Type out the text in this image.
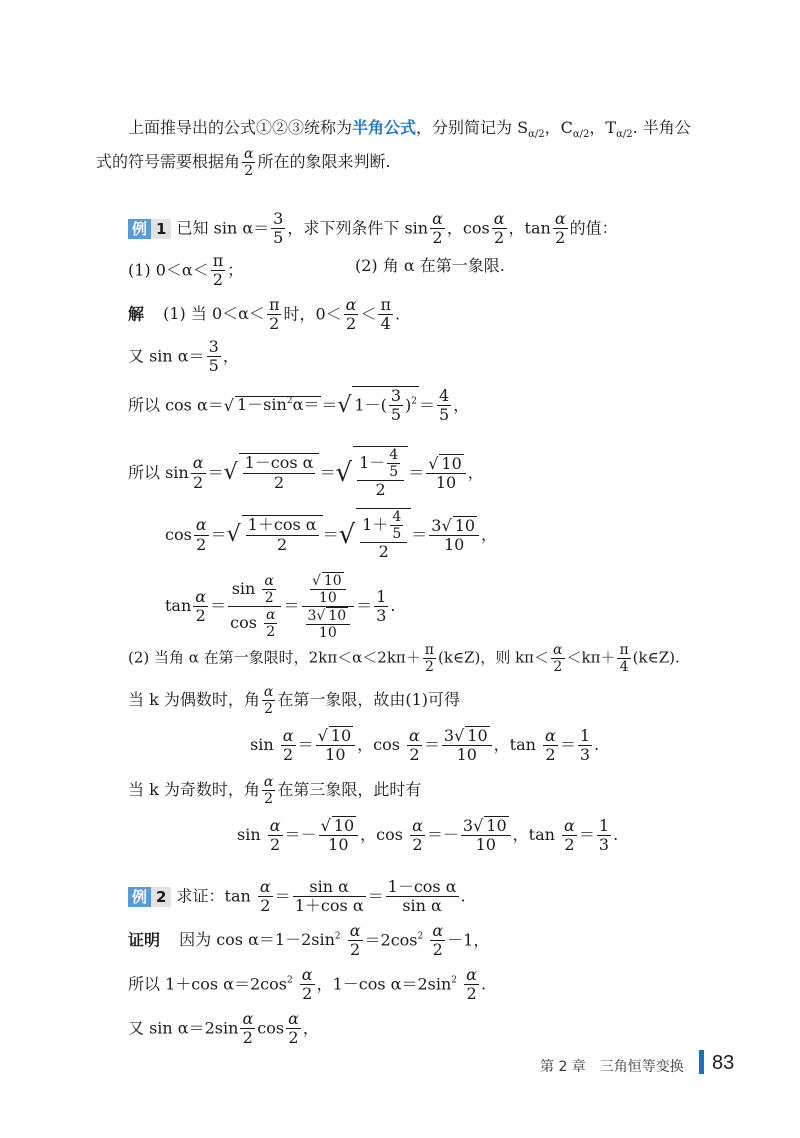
上面推导出的公式①②③统称为半角公式，分别简记为 $S_{\alpha/2}$，$C_{\alpha/2}$，$T_{\alpha/2}$. 半角公
式的符号需要根据角 $\frac{\alpha}{2}$ 所在的象限来判断.
例 1 已知 $\sin \alpha= \frac{3}{5}$ ，求下列条件下 $\sin \frac{\alpha}{2}$ ，$\cos \frac{\alpha}{2}$ ，$\tan \frac{\alpha}{2}$ 的值：
(1) $0<\alpha< \frac{\pi}{2}$ ；	(2) 角 α 在第一象限.
解 (1) 当 $0<\alpha< \frac{\pi}{2}$ 时，$0< \frac{\alpha}{2} < \frac{\pi}{4}$ .
又 $\sin \alpha= \frac{3}{5}$ ，
所以 cos α＝√ $1-\sin^2\alpha=$ ＝√ $1-( \frac{3}{5} )^2 = \frac{4}{5}$ ，
所以 $\sin \frac{\alpha}{2}$ ＝√ $\frac{\text{1－cos α}}{2}$ ＝√ $\frac{1- \frac{4}{5}}{2} = \frac{√ 10}{10}$ ，
$\cos \frac{\alpha}{2}$ ＝√ $\frac{\text{1＋cos α}}{2}$ ＝√ $\frac{1+ \frac{4}{5}}{2} = \frac{3√ 10}{10}$ ，
$\tan \frac{\alpha}{2} = \frac{\sin \frac{\alpha}{2}}{\cos \frac{\alpha}{2}} = \frac{\frac{√ 10}{10}}{\frac{3√ 10}{10}} = \frac{1}{3}$ .
(2) 当角 α 在第一象限时，$2k\pi<\alpha<2k\pi+ \frac{\pi}{2}$ (k∈Z)，则 $k\pi< \frac{\alpha}{2} <k\pi+ \frac{\pi}{4}$ (k∈Z).
当 k 为偶数时，角 $\frac{\alpha}{2}$ 在第一象限，故由(1)可得
$\sin \frac{\alpha}{2} = \frac{√ 10}{10}$ ，$\cos \frac{\alpha}{2} = \frac{3√ 10}{10}$ ，$\tan \frac{\alpha}{2} = \frac{1}{3}$ .
当 k 为奇数时，角 $\frac{\alpha}{2}$ 在第三象限，此时有
$\sin \frac{\alpha}{2} =- \frac{√ 10}{10}$ ，$\cos \frac{\alpha}{2} =- \frac{3√ 10}{10}$ ，$\tan \frac{\alpha}{2} = \frac{1}{3}$ .
例 2 求证：$\tan \frac{\alpha}{2} = \frac{\text{sin α}}{\text{1＋cos α}} = \frac{\text{1－cos α}}{\text{sin α}}$ .
证明 因为 $\cos \alpha=1-2\sin^2 \frac{\alpha}{2} =2\cos^2 \frac{\alpha}{2} -1$，
所以 1＋cos $\alpha=2\cos^2 \frac{\alpha}{2}$ ，1－cos $\alpha=2\sin^2 \frac{\alpha}{2}$ .
又 $\sin \alpha=2\sin \frac{\alpha}{2}$ $\cos \frac{\alpha}{2}$ ，
第 2 章　三角恒等变换 83
